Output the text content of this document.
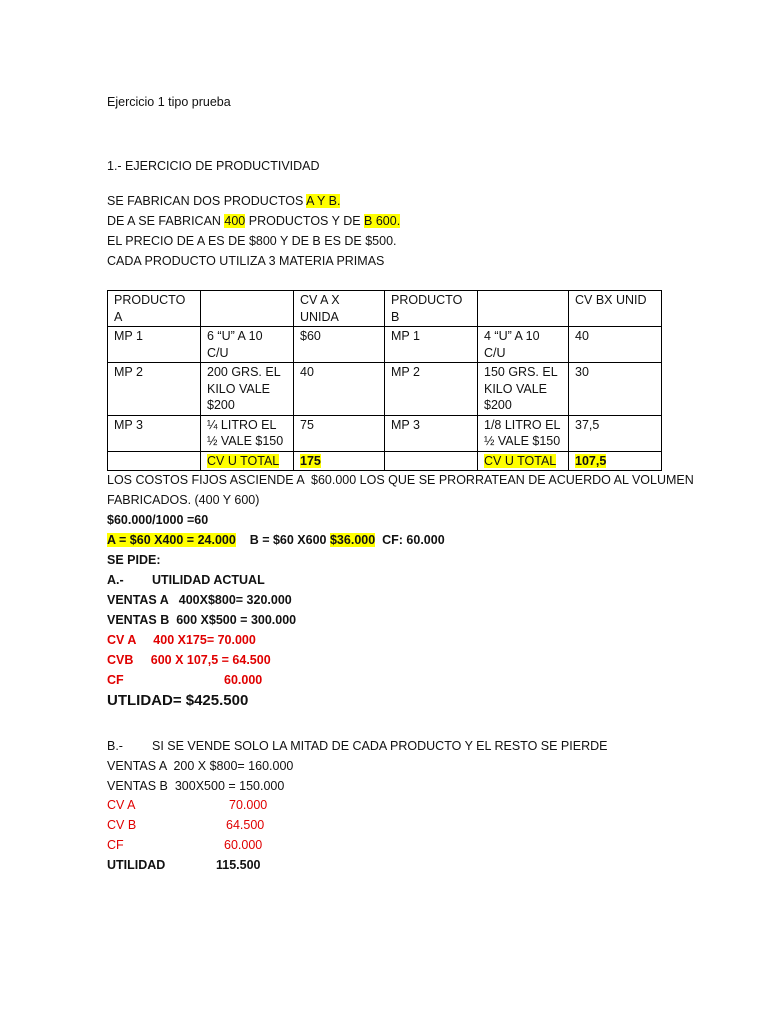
Ejercicio 1 tipo prueba
1.- EJERCICIO DE PRODUCTIVIDAD
SE FABRICAN DOS PRODUCTOS A Y B.
DE A SE FABRICAN 400 PRODUCTOS Y DE B 600.
EL PRECIO DE A ES DE $800 Y DE B ES DE $500.
CADA PRODUCTO UTILIZA 3 MATERIA PRIMAS
PRODUCTO A		CV A X UNIDA	PRODUCTO B		CV BX UNID
MP 1	6 “U” A 10 C/U	$60	MP 1	4 “U” A 10 C/U	40
MP 2	200 GRS. EL KILO VALE $200	40	MP 2	150 GRS. EL KILO VALE $200	30
MP 3	¼ LITRO EL ½ VALE $150	75	MP 3	1/8 LITRO EL ½ VALE $150	37,5
	CV U TOTAL	175		CV U TOTAL	107,5
LOS COSTOS FIJOS ASCIENDE A  $60.000 LOS QUE SE PRORRATEAN DE ACUERDO AL VOLUMEN
FABRICADOS. (400 Y 600)
$60.000/1000 =60
A = $60 X400 = 24.000    B = $60 X600 $36.000  CF: 60.000
SE PIDE:
A.- UTILIDAD ACTUAL
VENTAS A   400X$800= 320.000
VENTAS B  600 X$500 = 300.000
CV A     400 X175= 70.000
CVB     600 X 107,5 = 64.500
CF	60.000
UTLIDAD= $425.500
B.- SI SE VENDE SOLO LA MITAD DE CADA PRODUCTO Y EL RESTO SE PIERDE
VENTAS A  200 X $800= 160.000
VENTAS B  300X500 = 150.000
CV A	70.000
CV B	64.500
CF	60.000
UTILIDAD	115.500
